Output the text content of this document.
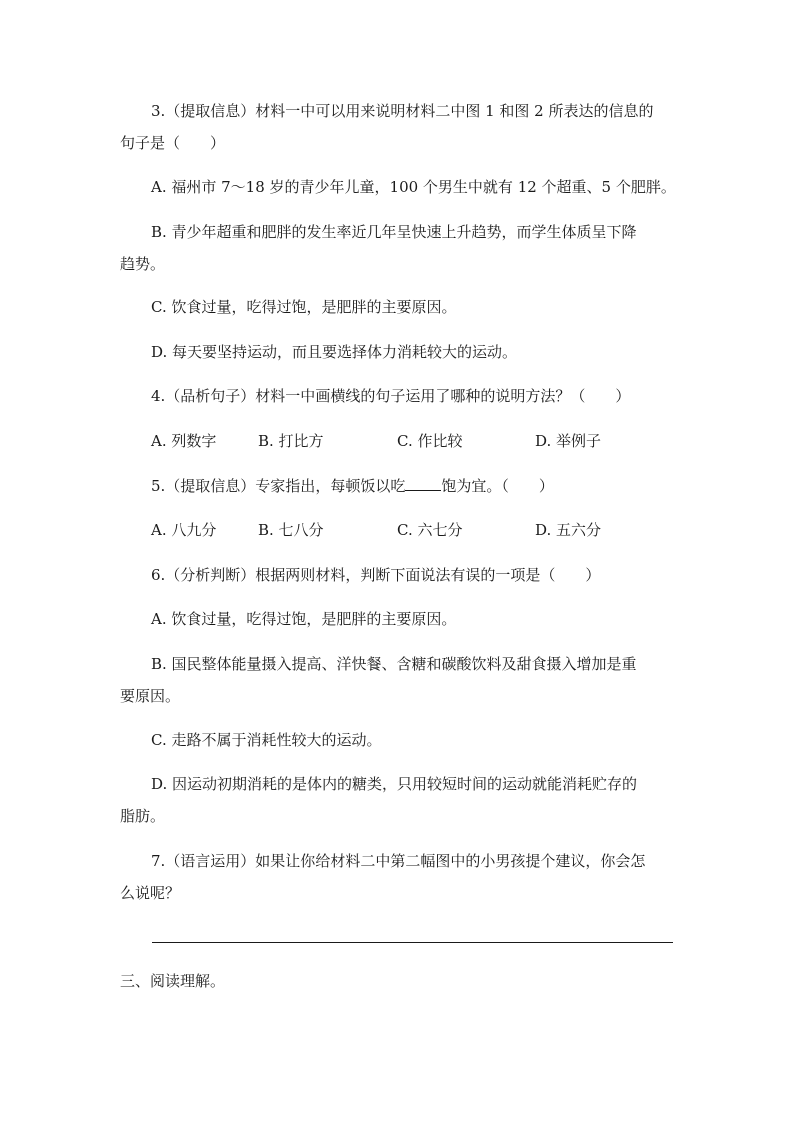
3.（提取信息）材料一中可以用来说明材料二中图 1 和图 2 所表达的信息的
句子是（　　）
A. 福州市 7～18 岁的青少年儿童，100 个男生中就有 12 个超重、5 个肥胖。
B. 青少年超重和肥胖的发生率近几年呈快速上升趋势，而学生体质呈下降
趋势。
C. 饮食过量，吃得过饱，是肥胖的主要原因。
D. 每天要坚持运动，而且要选择体力消耗较大的运动。
4.（品析句子）材料一中画横线的句子运用了哪种的说明方法？（　　）
A. 列数字	B. 打比方	C. 作比较	D. 举例子
5.（提取信息）专家指出，每顿饭以吃 饱为宜。（　　）
A. 八九分	B. 七八分	C. 六七分	D. 五六分
6.（分析判断）根据两则材料，判断下面说法有误的一项是（　　）
A. 饮食过量，吃得过饱，是肥胖的主要原因。
B. 国民整体能量摄入提高、洋快餐、含糖和碳酸饮料及甜食摄入增加是重
要原因。
C. 走路不属于消耗性较大的运动。
D. 因运动初期消耗的是体内的糖类，只用较短时间的运动就能消耗贮存的
脂肪。
7.（语言运用）如果让你给材料二中第二幅图中的小男孩提个建议，你会怎
么说呢？
三、阅读理解。
